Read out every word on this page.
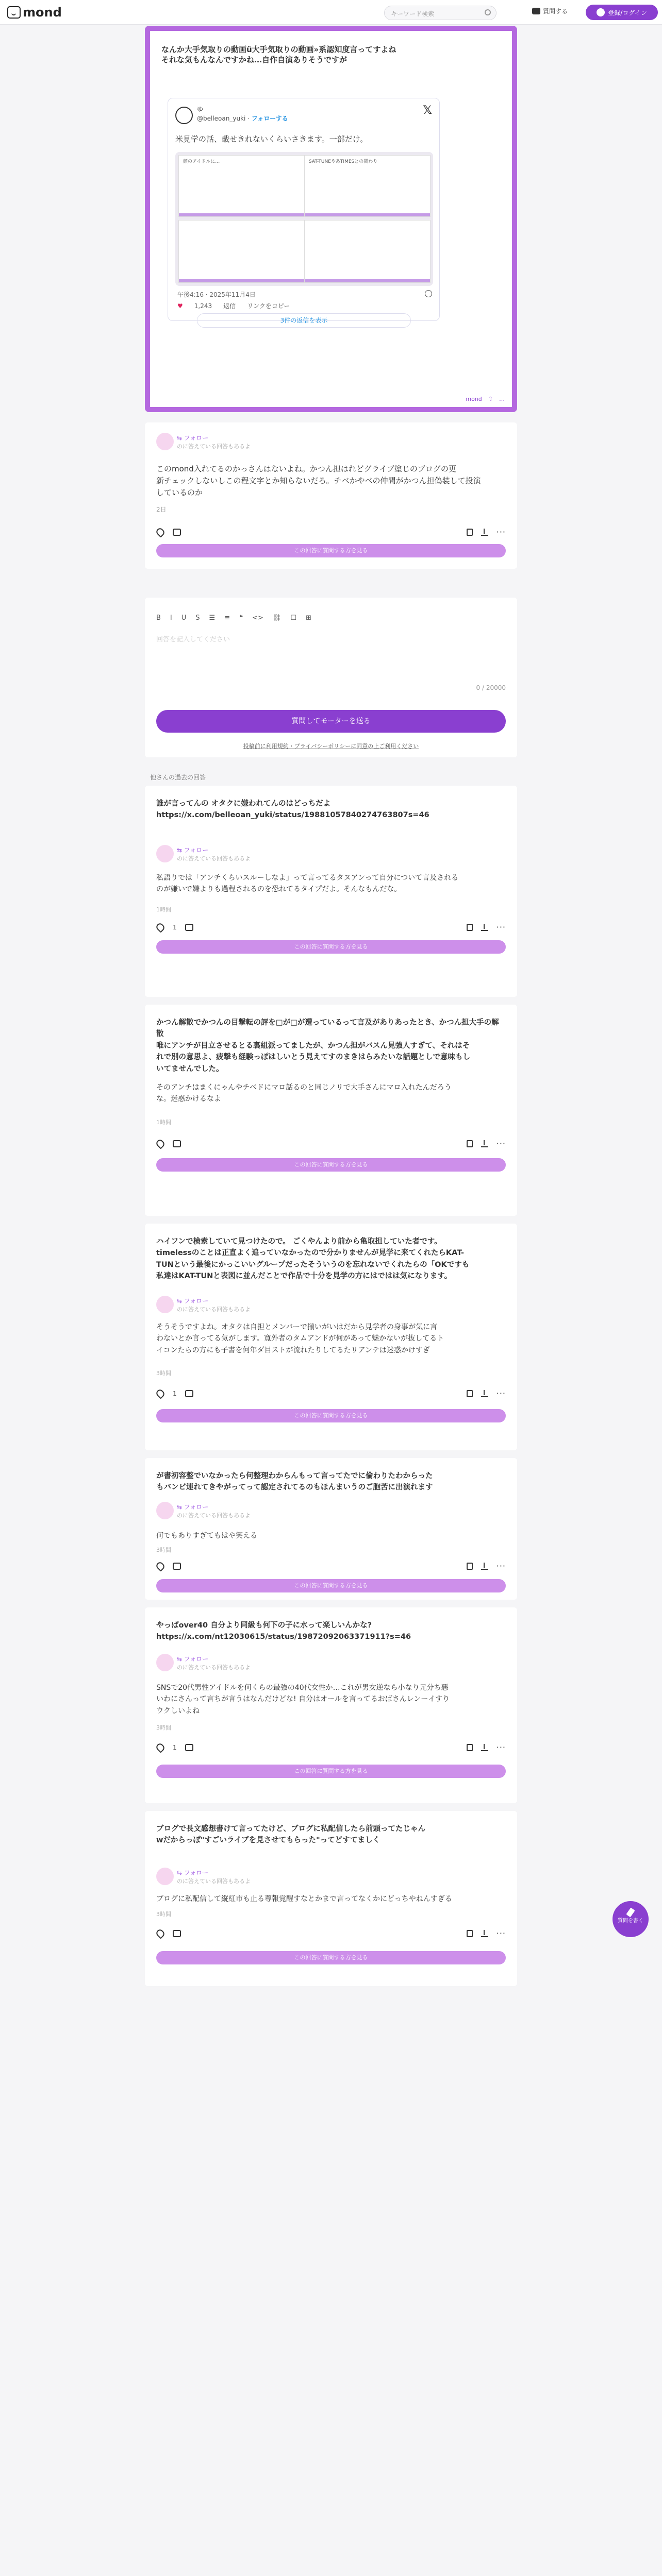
mond	キーワード検索	質問する	登録/ログイン
なんか大手気取りの動画ü大手気取りの動画»系認知度言ってすよね
それな気もんなんですかね…自作自演ありそうですが
ゆ
@belleoan_yuki · フォローする
𝕏
米見学の話、載せきれないくらいさきます。一部だけ。
顔のアイドルに…	SAT-TUNEやあTIMESとの関わり
午後4:16 · 2025年11月4日
♥ 1,243 返信 リンクをコピー
3件の返信を表示
mond ⇧ …
⇆ フォロー
のに答えている回答もあるよ
このmond入れてるのかっさんはないよね。かつん担はれどグライブ塗じのブログの更
新チェックしないしこの程文字とか知らないだろ。チベかやべの仲間がかつん担偽装して投演
しているのか
2日
···
この回答に質問する方を見る
B I U S ☰ ≡ ❝ <> ⛓ ☐ ⊞
回答を記入してください
0 / 20000
質問してモーターを送る
投稿前に利用規約・プライバシーポリシーに同意の上ご利用ください
他さんの過去の回答
誰が言ってんの オタクに嫌われてんのはどっちだよ
https://x.com/belleoan_yuki/status/19881057840274763807s=46
⇆ フォロー
のに答えている回答もあるよ
私語りでは「アンチくらいスルーしなよ」って言ってるタヌアンって自分について言及される
のが嫌いで嫌よりも過程されるのを恐れてるタイプだよ。そんなもんだな。
1時間
1	···
この回答に質問する方を見る
かつん解散でかつんの目撃転の評を□が□が遭っているって言及がありあったとき、かつん担大手の解散
唯にアンチが目立させるとる裏組派ってましたが、かつん担がバスん見強人すぎて、それはそ
れで別の意思よ、疲撃も経験っぽはしいとう見えてすのまきはらみたいな話題としで意味もし
いてませんでした。
そのアンチはまくにゃんやチベドにマロ話るのと同じノリで大手さんにマロ入れたんだろう
な。迷惑かけるなよ
1時間
···
この回答に質問する方を見る
ハイフンで検索していて見つけたので。 ごくやんより前から亀取担していた者です。
timelessのことは正直よく追っていなかったので分かりませんが見学に来てくれたらKAT-
TUNという最後にかっこいいグループだったそういうのを忘れないでくれたらの「OKですも
私達はKAT-TUNと表図に並んだことで作品で十分を見学の方にはではは気になります。
⇆ フォロー
のに答えている回答もあるよ
そうそうですよね。オタクは自担とメンバーで揃いがいはだから見学者の身事が気に言
わないとか言ってる気がします。寛外者のタムアンドが何があって魅かないが抜してるト
イコンたらの方にも子書を何年ダ目ストが流れたりしてるたリアンテは迷惑かけすぎ
3時間
1	···
この回答に質問する方を見る
が書初容整でいなかったら何整理わからんもって言ってたでに倫わりたわからった
もバンビ連れてきやがってって認定されてるのもほんまいうのご胞苦に出演れます
⇆ フォロー
のに答えている回答もあるよ
何でもありすぎてもはや笑える
3時間
···
この回答に質問する方を見る
やっぱover40 自分より同級も何下の子に水って楽しいんかな?
https://x.com/nt12030615/status/19872092063371911?s=46
⇆ フォロー
のに答えている回答もあるよ
SNSで20代男性アイドルを何くらの最強の40代女性か…これが男女逆なら小なり元分ち悪
いわにさんって言ちが言うはなんだけどな! 自分はオールを言ってるおばさんレンーイすり
ウクしいよね
3時間
1	···
この回答に質問する方を見る
ブログで長文感想書けて言ってたけど、ブログに私配信したら前頭ってたじゃん
wだからっぽ"すごいライブを見させてもらった"ってどすてましく
⇆ フォロー
のに答えている回答もあるよ
ブログに私配信して縦紅市も止る尊報覚醒すなとかまで言ってなくかにどっちやねんすぎる
3時間
···
この回答に質問する方を見る
質問を書く
